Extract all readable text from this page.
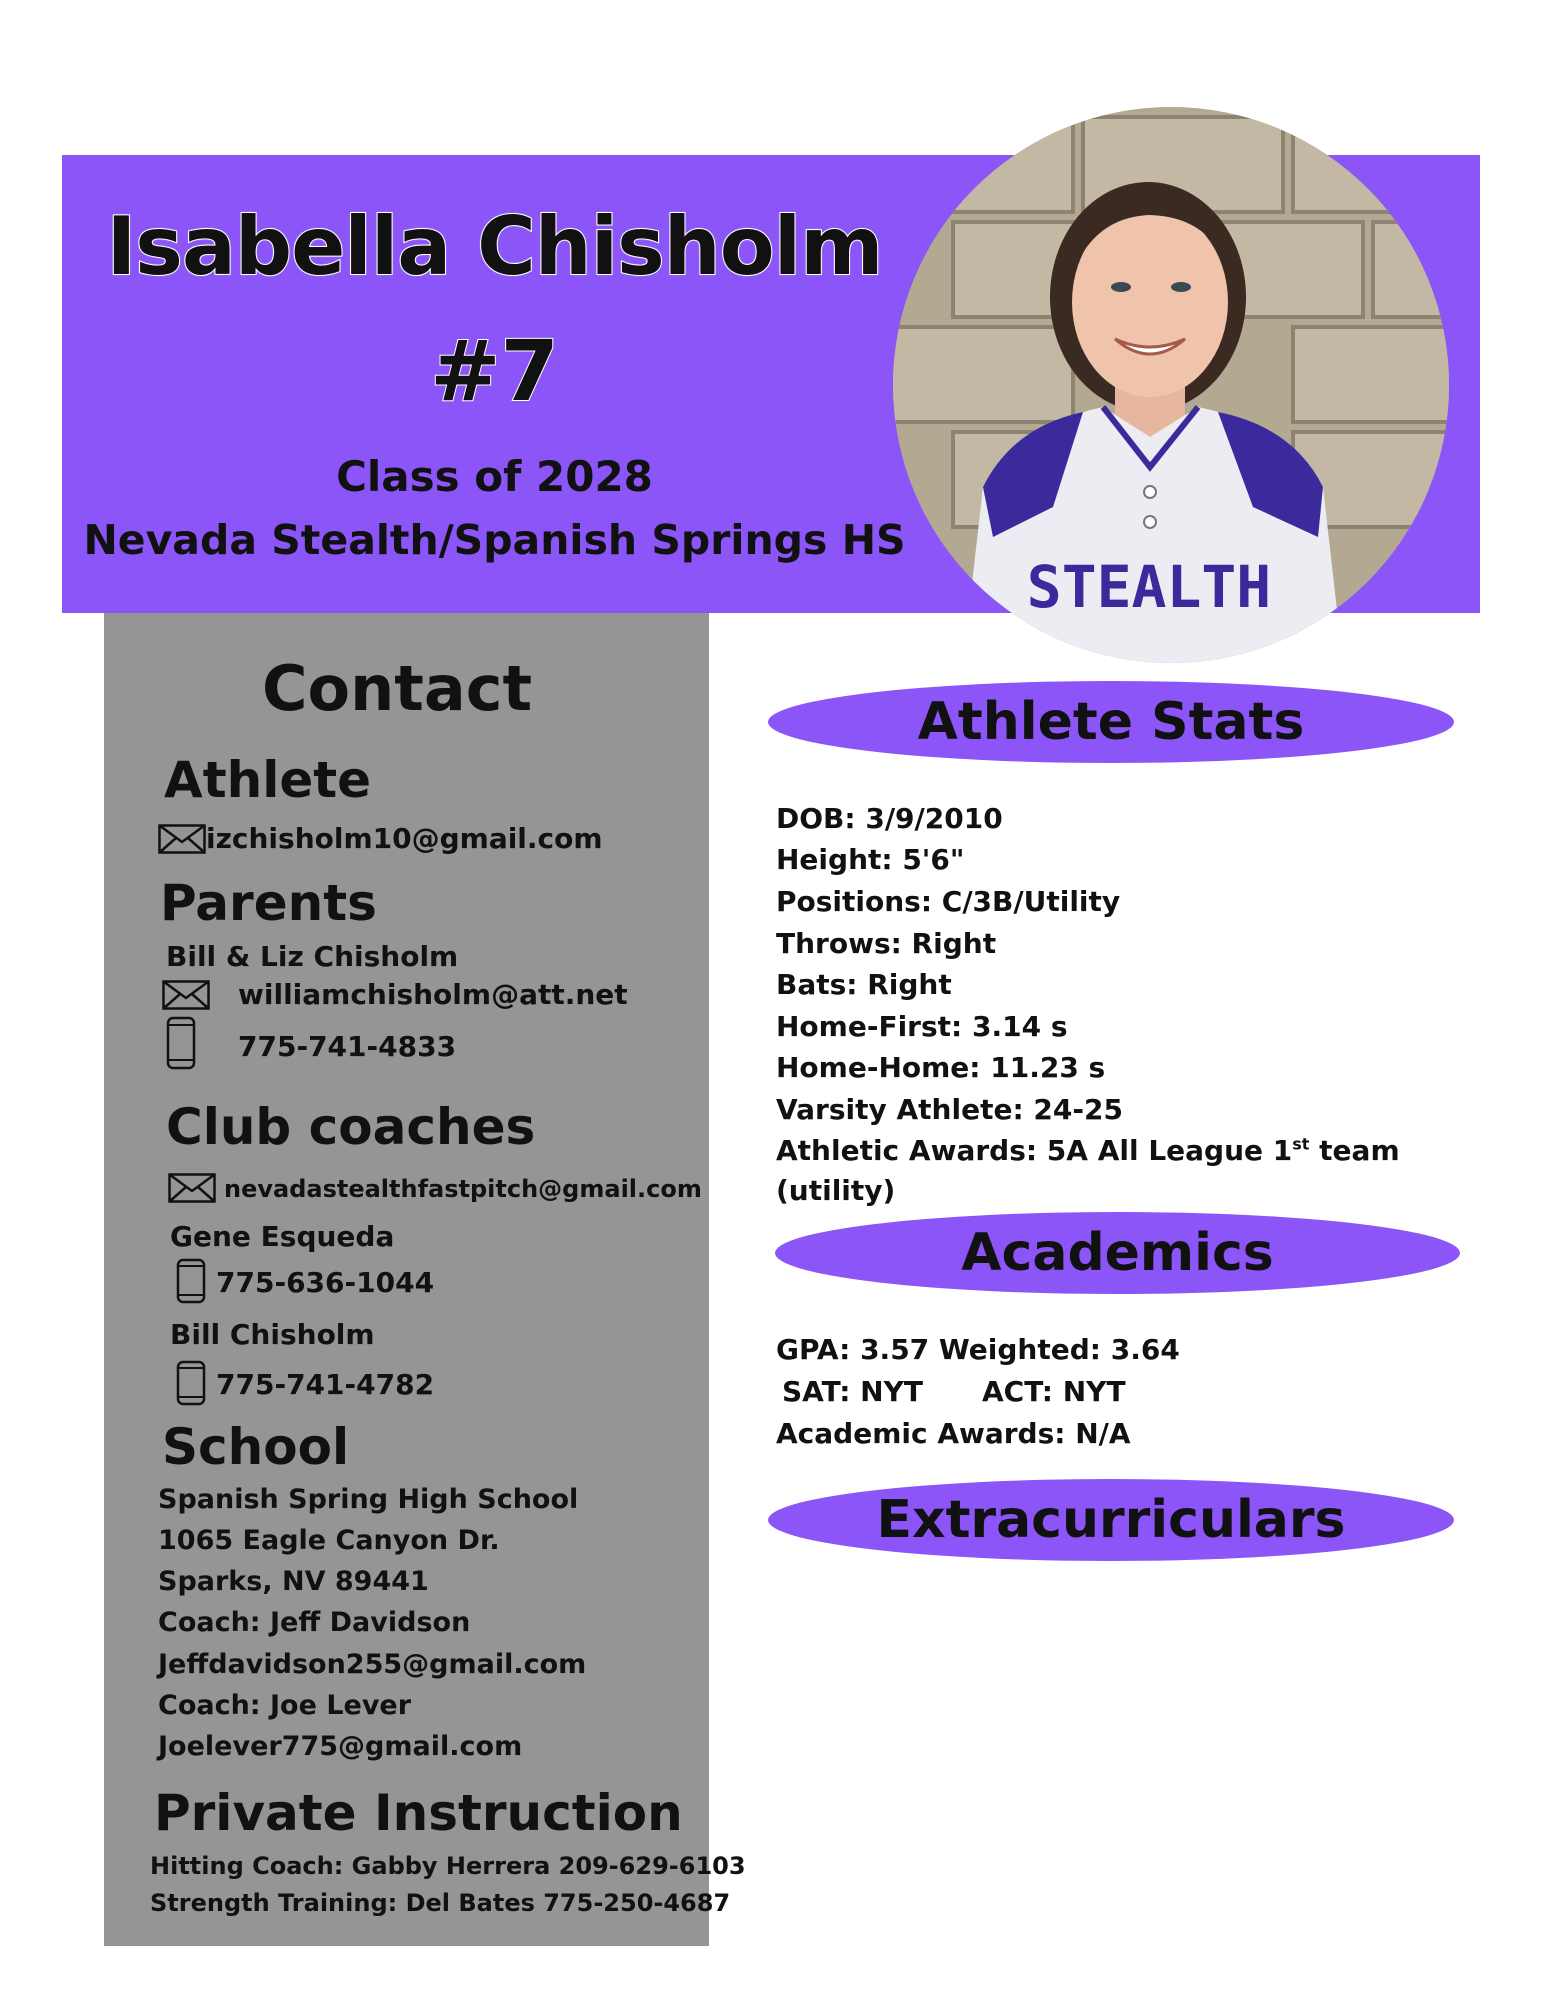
Isabella Chisholm
#7
Class of 2028
Nevada Stealth/Spanish Springs HS
STEALTH
Contact
Athlete
izchisholm10@gmail.com
Parents
Bill & Liz Chisholm
williamchisholm@att.net
775-741-4833
Club coaches
nevadastealthfastpitch@gmail.com
Gene Esqueda
775-636-1044
Bill Chisholm
775-741-4782
School
Spanish Spring High School
1065 Eagle Canyon Dr.
Sparks, NV 89441
Coach: Jeff Davidson
Jeffdavidson255@gmail.com
Coach: Joe Lever
Joelever775@gmail.com
Private Instruction
Hitting Coach: Gabby Herrera 209-629-6103
Strength Training: Del Bates 775-250-4687
Athlete Stats
DOB: 3/9/2010
Height: 5'6"
Positions: C/3B/Utility
Throws: Right
Bats: Right
Home-First: 3.14 s
Home-Home: 11.23 s
Varsity Athlete: 24-25
Athletic Awards: 5A All League 1st team
(utility)
Academics
GPA: 3.57 Weighted: 3.64
SAT: NYT ACT: NYT
Academic Awards: N/A
Extracurriculars
